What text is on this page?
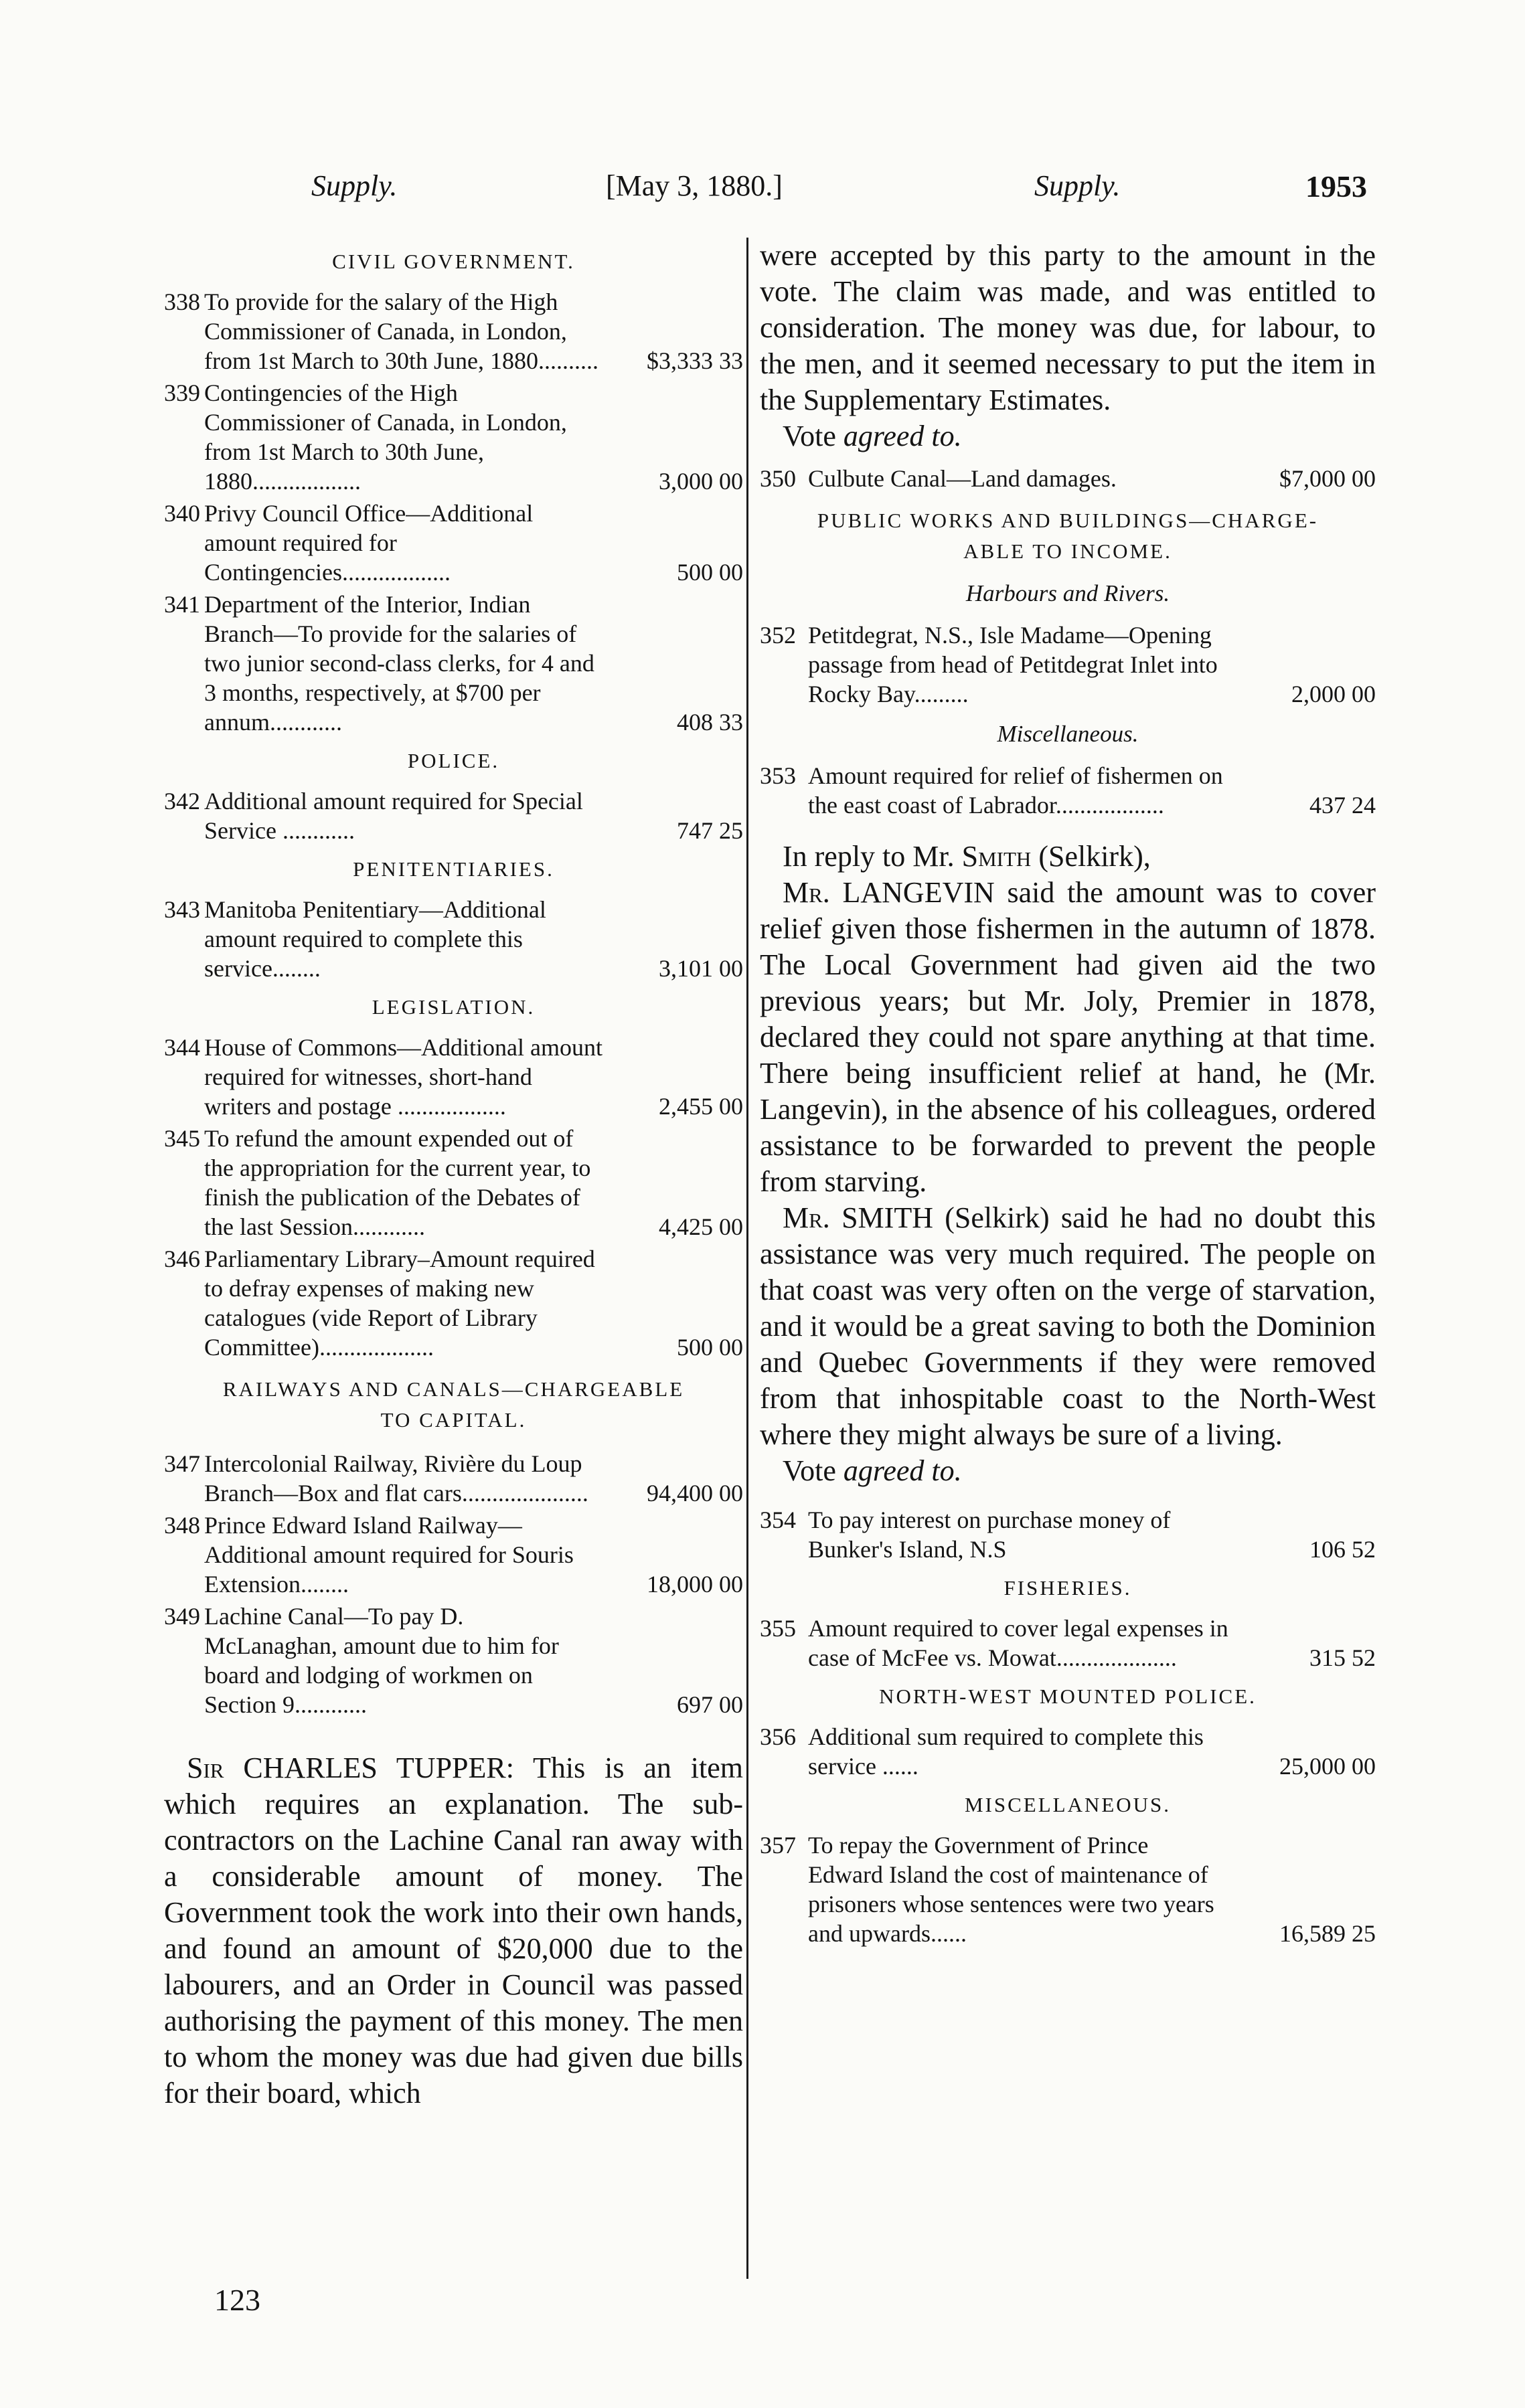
Supply.	[May 3, 1880.]	Supply.	1953
CIVIL GOVERNMENT.
338 To provide for the salary of the High Commissioner of Canada, in London, from 1st March to 30th June, 1880..........	$3,333 33
339 Contingencies of the High Commissioner of Canada, in London, from 1st March to 30th June, 1880..................	3,000 00
340 Privy Council Office—Additional amount required for Contingencies..................	500 00
341 Department of the Interior, Indian Branch—To provide for the salaries of two junior second-class clerks, for 4 and 3 months, respectively, at $700 per annum............	408 33
POLICE.
342 Additional amount required for Special Service ............	747 25
PENITENTIARIES.
343 Manitoba Penitentiary—Additional amount required to complete this service........	3,101 00
LEGISLATION.
344 House of Commons—Additional amount required for witnesses, short-hand writers and postage ..................	2,455 00
345 To refund the amount expended out of the appropriation for the current year, to finish the publication of the Debates of the last Session............	4,425 00
346 Parliamentary Library–Amount required to defray expenses of making new catalogues (vide Report of Library Committee)...................	500 00
RAILWAYS AND CANALS—CHARGEABLE
TO CAPITAL.
347 Intercolonial Railway, Rivière du Loup Branch—Box and flat cars.....................	94,400 00
348 Prince Edward Island Railway—Additional amount required for Souris Extension........	18,000 00
349 Lachine Canal—To pay D. McLanaghan, amount due to him for board and lodging of workmen on Section 9............	697 00

Sir CHARLES TUPPER: This is an item which requires an explanation. The sub-contractors on the Lachine Canal ran away with a considerable amount of money. The Government took the work into their own hands, and found an amount of $20,000 due to the labourers, and an Order in Council was passed authorising the payment of this money. The men to whom the money was due had given due bills for their board, which

were accepted by this party to the amount in the vote. The claim was made, and was entitled to consideration. The money was due, for labour, to the men, and it seemed necessary to put the item in the Supplementary Estimates.

Vote agreed to.

350 Culbute Canal—Land damages.	$7,000 00
PUBLIC WORKS AND BUILDINGS—CHARGE-
ABLE TO INCOME.
Harbours and Rivers.
352 Petitdegrat, N.S., Isle Madame—Opening passage from head of Petitdegrat Inlet into Rocky Bay.........	2,000 00
Miscellaneous.
353 Amount required for relief of fishermen on the east coast of Labrador..................	437 24

In reply to Mr. Smith (Selkirk),

Mr. LANGEVIN said the amount was to cover relief given those fishermen in the autumn of 1878. The Local Government had given aid the two previous years; but Mr. Joly, Premier in 1878, declared they could not spare anything at that time. There being insufficient relief at hand, he (Mr. Langevin), in the absence of his colleagues, ordered assistance to be forwarded to prevent the people from starving.

Mr. SMITH (Selkirk) said he had no doubt this assistance was very much required. The people on that coast was very often on the verge of starvation, and it would be a great saving to both the Dominion and Quebec Governments if they were removed from that inhospitable coast to the North-West where they might always be sure of a living.

Vote agreed to.

354 To pay interest on purchase money of Bunker's Island, N.S	106 52
FISHERIES.
355 Amount required to cover legal expenses in case of McFee vs. Mowat....................	315 52
NORTH-WEST MOUNTED POLICE.
356 Additional sum required to complete this service ......	25,000 00
MISCELLANEOUS.
357 To repay the Government of Prince Edward Island the cost of maintenance of prisoners whose sentences were two years and upwards......	16,589 25
123
